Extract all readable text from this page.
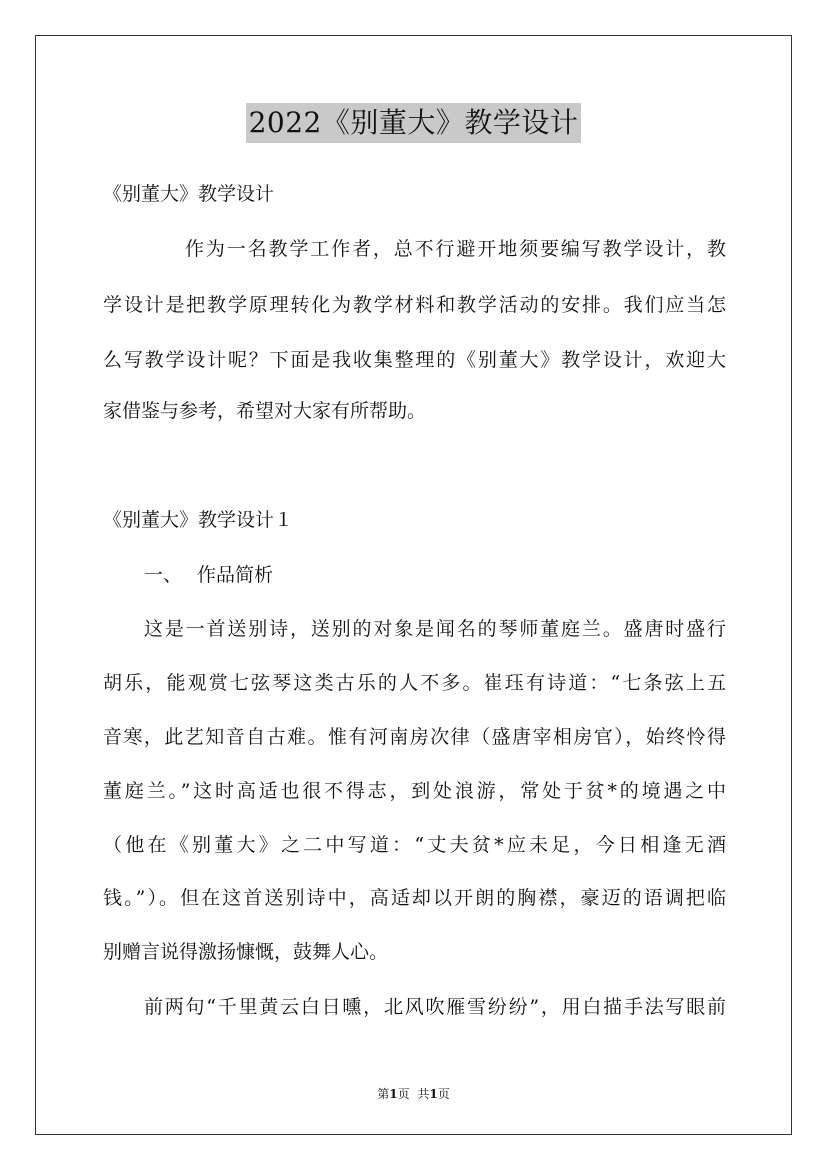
2022《别董大》教学设计
《别董大》教学设计
作为一名教学工作者，总不行避开地须要编写教学设计，教
学设计是把教学原理转化为教学材料和教学活动的安排。我们应当怎
么写教学设计呢？下面是我收集整理的《别董大》教学设计，欢迎大
家借鉴与参考，希望对大家有所帮助。
《别董大》教学设计１
一、 作品简析
这是一首送别诗，送别的对象是闻名的琴师董庭兰。盛唐时盛行
胡乐，能观赏七弦琴这类古乐的人不多。崔珏有诗道：“七条弦上五
音寒，此艺知音自古难。惟有河南房次律（盛唐宰相房官），始终怜得
董庭兰。”这时高适也很不得志，到处浪游，常处于贫*的境遇之中
（他在《别董大》之二中写道：“丈夫贫*应未足，今日相逢无酒
钱。”）。但在这首送别诗中，高适却以开朗的胸襟，豪迈的语调把临
别赠言说得激扬慷慨，鼓舞人心。
前两句“千里黄云白日曛，北风吹雁雪纷纷”，用白描手法写眼前
第1页 共1页
